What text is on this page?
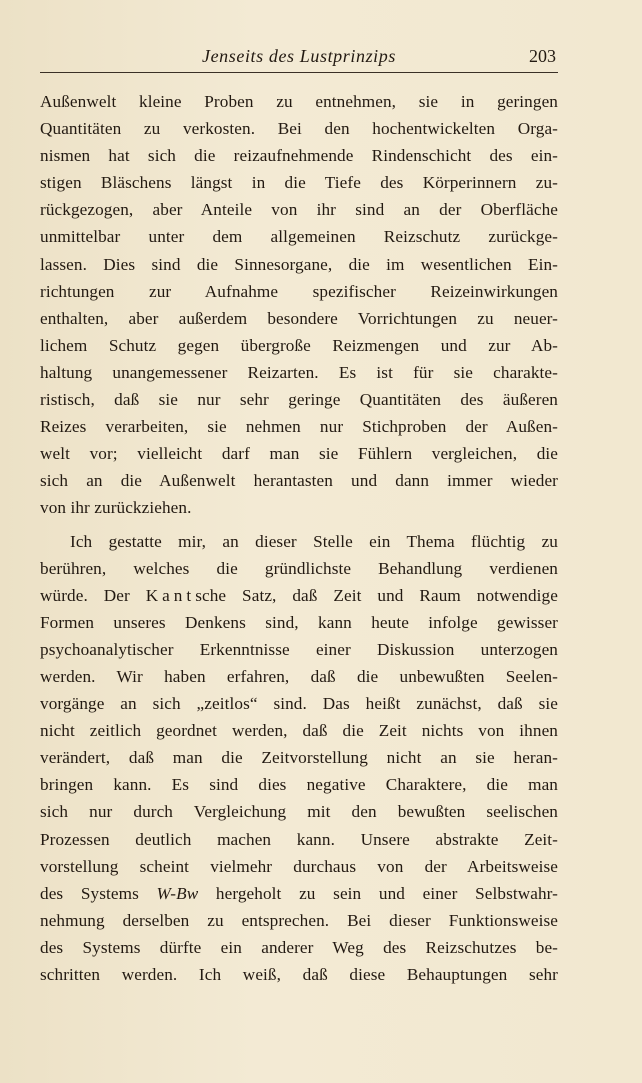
Jenseits des Lustprinzips	203
Außenwelt kleine Proben zu entnehmen, sie in geringen
Quantitäten zu verkosten. Bei den hochentwickelten Orga-
nismen hat sich die reizaufnehmende Rindenschicht des ein-
stigen Bläschens längst in die Tiefe des Körperinnern zu-
rückgezogen, aber Anteile von ihr sind an der Oberfläche
unmittelbar unter dem allgemeinen Reizschutz zurückge-
lassen. Dies sind die Sinnesorgane, die im wesentlichen Ein-
richtungen zur Aufnahme spezifischer Reizeinwirkungen
enthalten, aber außerdem besondere Vorrichtungen zu neuer-
lichem Schutz gegen übergroße Reizmengen und zur Ab-
haltung unangemessener Reizarten. Es ist für sie charakte-
ristisch, daß sie nur sehr geringe Quantitäten des äußeren
Reizes verarbeiten, sie nehmen nur Stichproben der Außen-
welt vor; vielleicht darf man sie Fühlern vergleichen, die
sich an die Außenwelt herantasten und dann immer wieder
von ihr zurückziehen.
Ich gestatte mir, an dieser Stelle ein Thema flüchtig zu
berühren, welches die gründlichste Behandlung verdienen
würde. Der Kantsche Satz, daß Zeit und Raum notwendige
Formen unseres Denkens sind, kann heute infolge gewisser
psychoanalytischer Erkenntnisse einer Diskussion unterzogen
werden. Wir haben erfahren, daß die unbewußten Seelen-
vorgänge an sich „zeitlos“ sind. Das heißt zunächst, daß sie
nicht zeitlich geordnet werden, daß die Zeit nichts von ihnen
verändert, daß man die Zeitvorstellung nicht an sie heran-
bringen kann. Es sind dies negative Charaktere, die man
sich nur durch Vergleichung mit den bewußten seelischen
Prozessen deutlich machen kann. Unsere abstrakte Zeit-
vorstellung scheint vielmehr durchaus von der Arbeitsweise
des Systems W-Bw hergeholt zu sein und einer Selbstwahr-
nehmung derselben zu entsprechen. Bei dieser Funktionsweise
des Systems dürfte ein anderer Weg des Reizschutzes be-
schritten werden. Ich weiß, daß diese Behauptungen sehr
